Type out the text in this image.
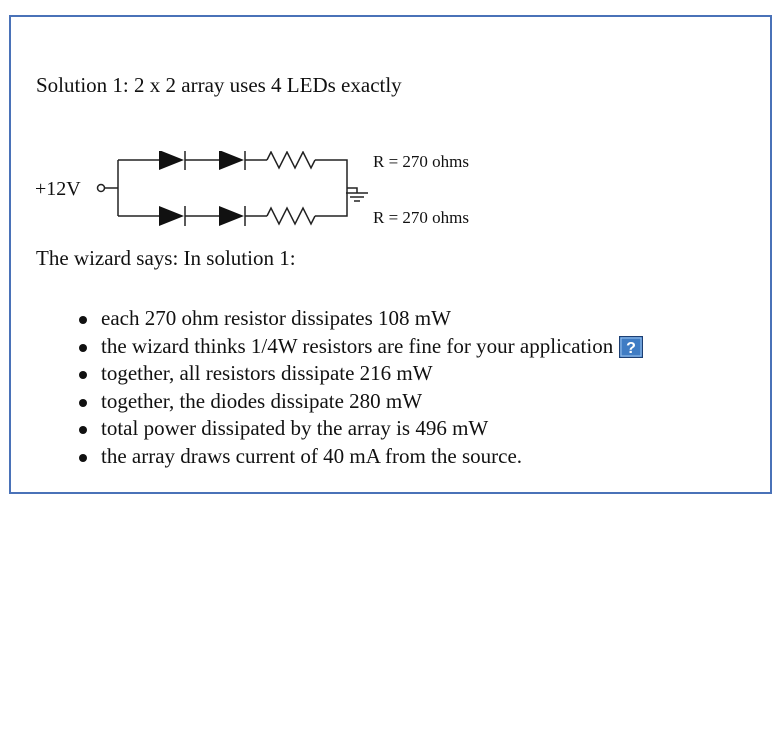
Solution 1: 2 x 2 array uses 4 LEDs exactly
+12V
R = 270 ohms
R = 270 ohms
The wizard says: In solution 1:
each 270 ohm resistor dissipates 108 mW
the wizard thinks 1/4W resistors are fine for your application ?
together, all resistors dissipate 216 mW
together, the diodes dissipate 280 mW
total power dissipated by the array is 496 mW
the array draws current of 40 mA from the source.
